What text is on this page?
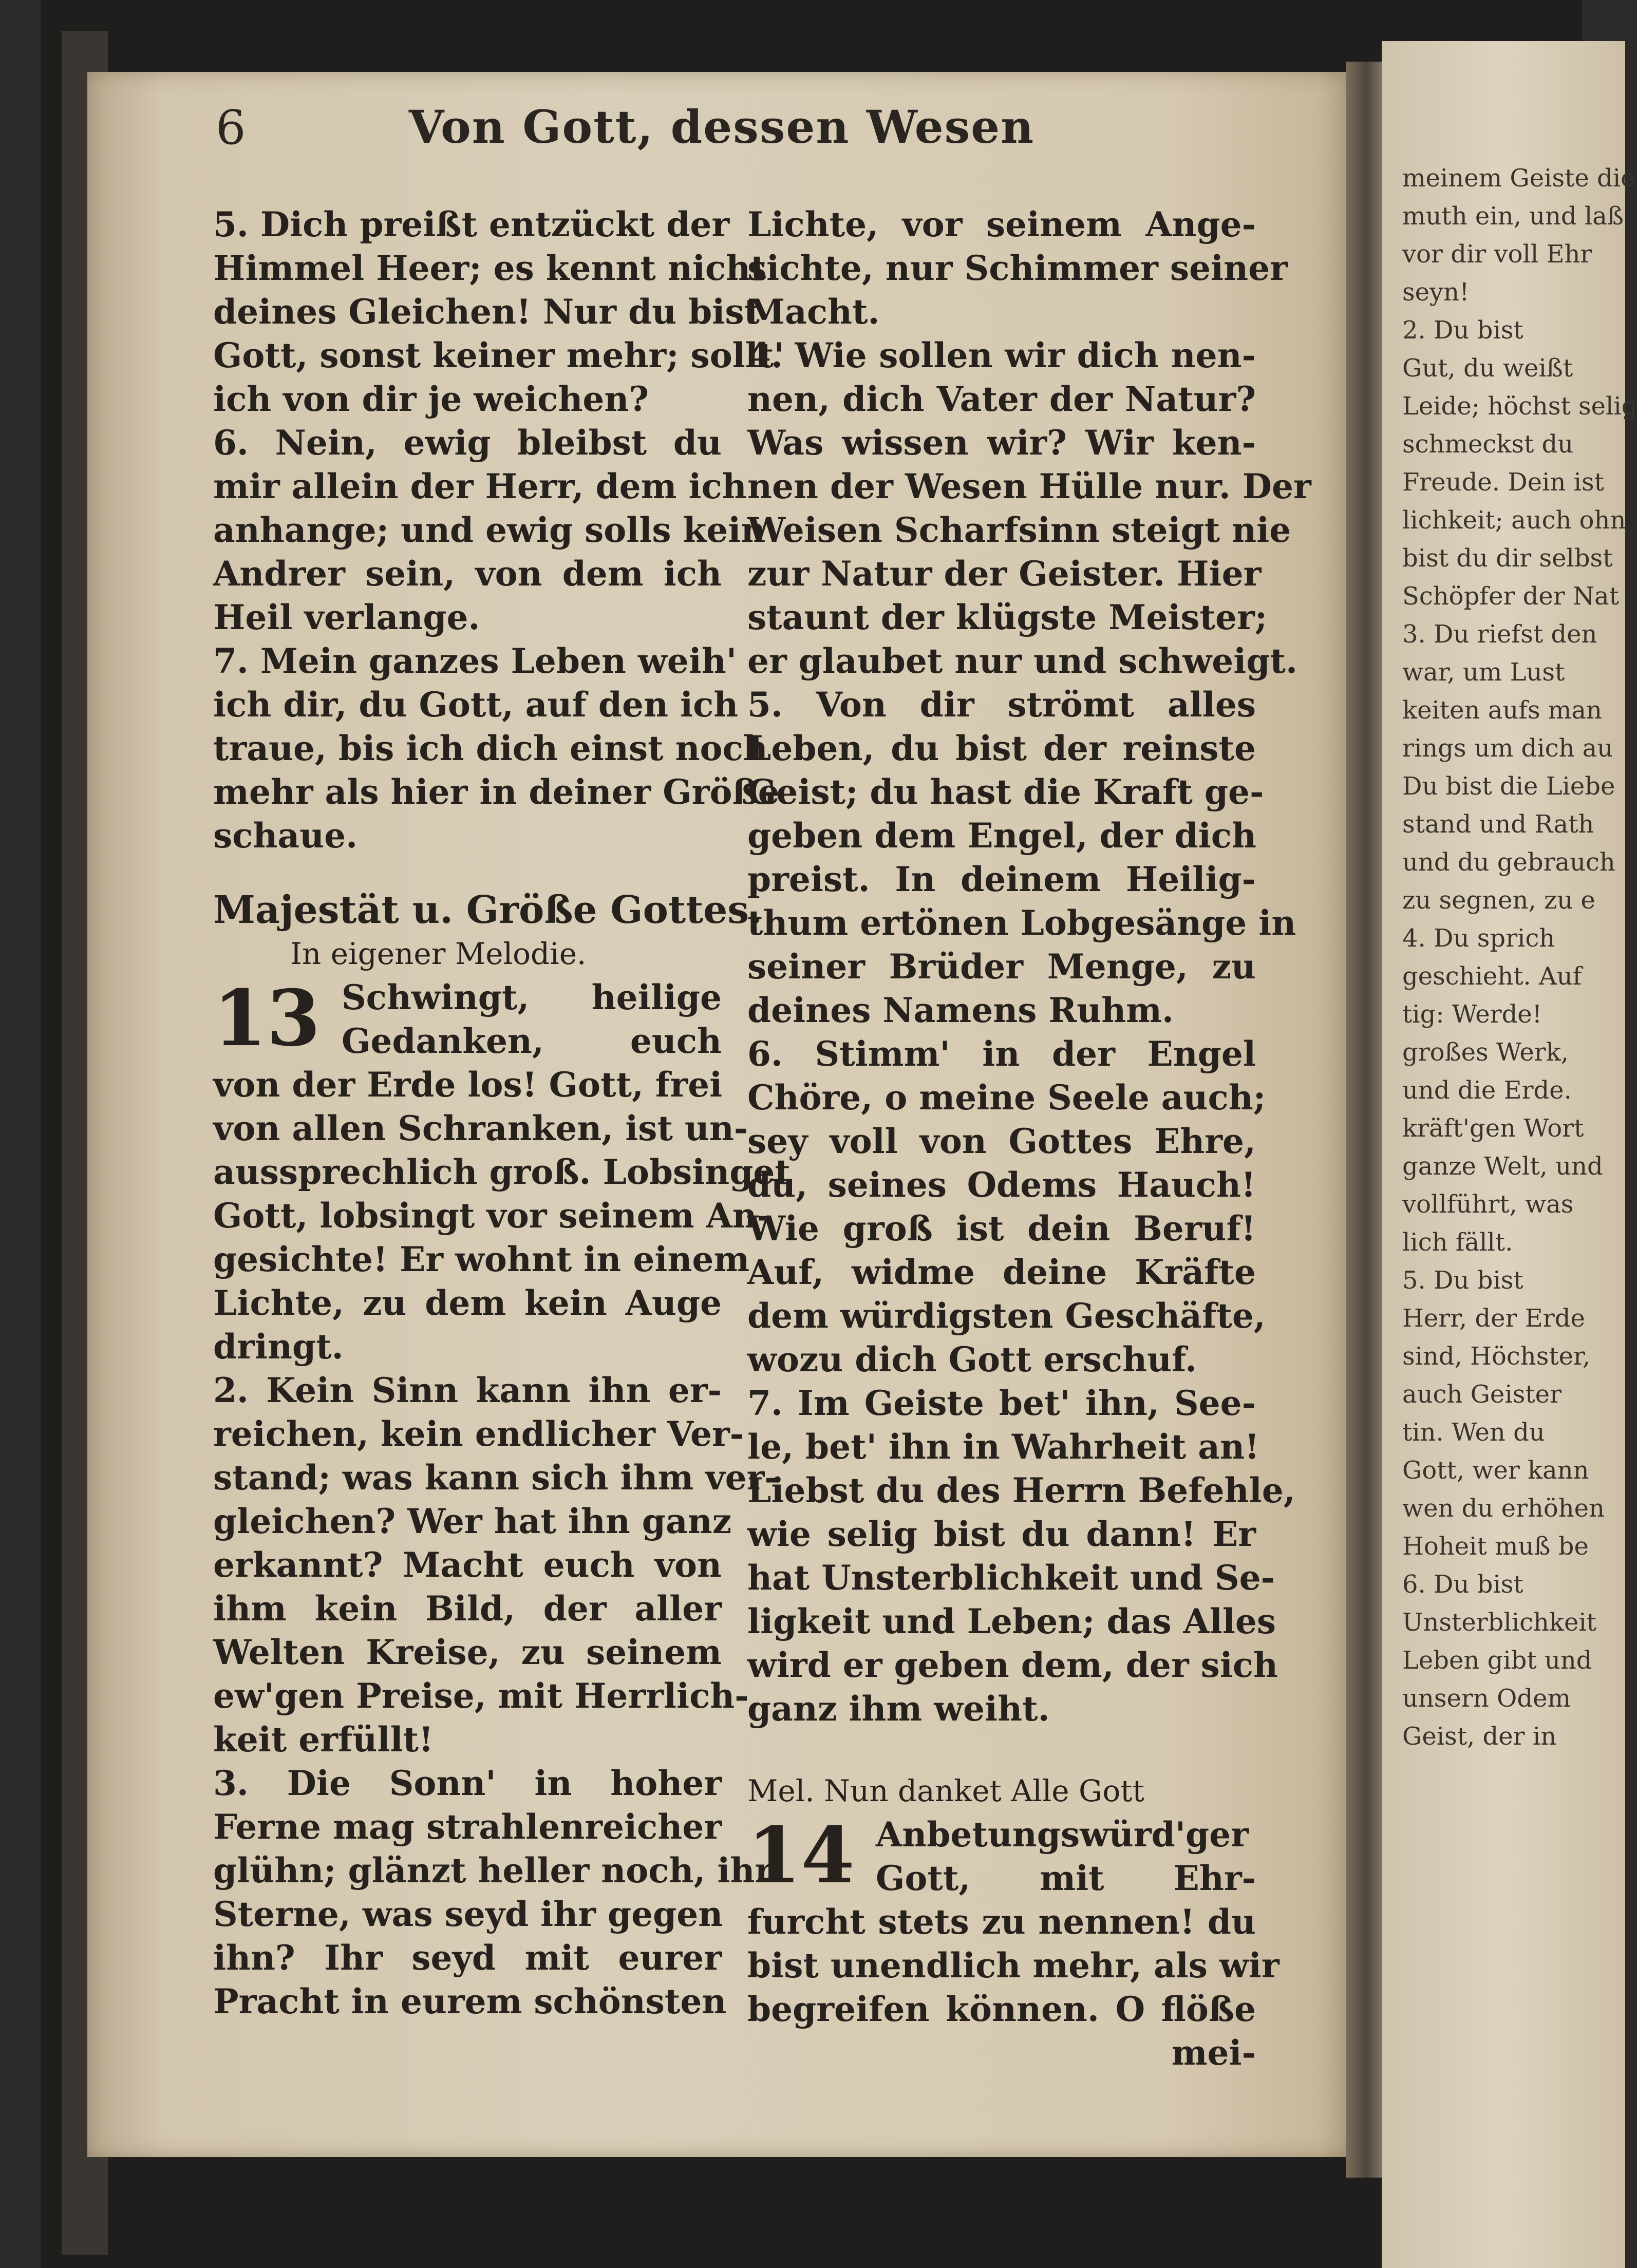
meinem Geiste die
muth ein, und laß
vor dir voll Ehr
seyn!
2. Du bist
Gut, du weißt
Leide; höchst selig
schmeckst du
Freude. Dein ist
lichkeit; auch ohn
bist du dir selbst
Schöpfer der Nat
3. Du riefst den
war, um Lust
keiten aufs man
rings um dich au
Du bist die Liebe
stand und Rath
und du gebrauch
zu segnen, zu e
4. Du sprich
geschieht. Auf
tig: Werde!
großes Werk,
und die Erde.
kräft'gen Wort
ganze Welt, und
vollführt, was
lich fällt.
5. Du bist
Herr, der Erde
sind, Höchster,
auch Geister
tin. Wen du
Gott, wer kann
wen du erhöhen
Hoheit muß be
6. Du bist
Unsterblichkeit
Leben gibt und
unsern Odem
Geist, der in
6	Von Gott, dessen Wesen
5. Dich preißt entzückt der
Himmel Heer; es kennt nicht
deines Gleichen! Nur du bist
Gott, sonst keiner mehr; sollt'
ich von dir je weichen?
6. Nein, ewig bleibst du
mir allein der Herr, dem ich
anhange; und ewig solls kein
Andrer sein, von dem ich
Heil verlange.
7. Mein ganzes Leben weih'
ich dir, du Gott, auf den ich
traue, bis ich dich einst noch
mehr als hier in deiner Größe
schaue.
Majestät u. Größe Gottes.
In eigener Melodie.
13 Schwingt, heilige
Gedanken, euch
von der Erde los! Gott, frei
von allen Schranken, ist un-
aussprechlich groß. Lobsinget
Gott, lobsingt vor seinem An-
gesichte! Er wohnt in einem
Lichte, zu dem kein Auge
dringt.
2. Kein Sinn kann ihn er-
reichen, kein endlicher Ver-
stand; was kann sich ihm ver-
gleichen? Wer hat ihn ganz
erkannt? Macht euch von
ihm kein Bild, der aller
Welten Kreise, zu seinem
ew'gen Preise, mit Herrlich-
keit erfüllt!
3. Die Sonn' in hoher
Ferne mag strahlenreicher
glühn; glänzt heller noch, ihr
Sterne, was seyd ihr gegen
ihn? Ihr seyd mit eurer
Pracht in eurem schönsten
Lichte, vor seinem Ange-
sichte, nur Schimmer seiner
Macht.
4. Wie sollen wir dich nen-
nen, dich Vater der Natur?
Was wissen wir? Wir ken-
nen der Wesen Hülle nur. Der
Weisen Scharfsinn steigt nie
zur Natur der Geister. Hier
staunt der klügste Meister;
er glaubet nur und schweigt.
5. Von dir strömt alles
Leben, du bist der reinste
Geist; du hast die Kraft ge-
geben dem Engel, der dich
preist. In deinem Heilig-
thum ertönen Lobgesänge in
seiner Brüder Menge, zu
deines Namens Ruhm.
6. Stimm' in der Engel
Chöre, o meine Seele auch;
sey voll von Gottes Ehre,
du, seines Odems Hauch!
Wie groß ist dein Beruf!
Auf, widme deine Kräfte
dem würdigsten Geschäfte,
wozu dich Gott erschuf.
7. Im Geiste bet' ihn, See-
le, bet' ihn in Wahrheit an!
Liebst du des Herrn Befehle,
wie selig bist du dann! Er
hat Unsterblichkeit und Se-
ligkeit und Leben; das Alles
wird er geben dem, der sich
ganz ihm weiht.
Mel. Nun danket Alle Gott
14 Anbetungswürd'ger
Gott, mit Ehr-
furcht stets zu nennen! du
bist unendlich mehr, als wir
begreifen können. O flöße
mei-
